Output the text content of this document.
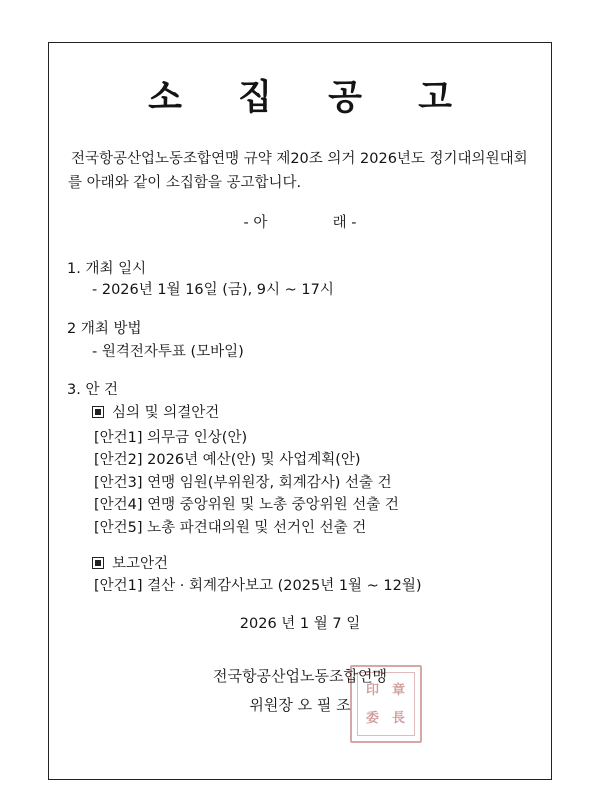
소 집 공 고
전국항공산업노동조합연맹 규약 제20조 의거 2026년도 정기대의원대회
를 아래와 같이 소집함을 공고합니다.
- 아	래 -
1. 개최 일시
- 2026년 1월 16일 (금), 9시 ~ 17시
2 개최 방법
- 원격전자투표 (모바일)
3. 안 건
심의 및 의결안건
[안건1] 의무금 인상(안)
[안건2] 2026년 예산(안) 및 사업계획(안)
[안건3] 연맹 임원(부위원장, 회계감사) 선출 건
[안건4] 연맹 중앙위원 및 노총 중앙위원 선출 건
[안건5] 노총 파견대의원 및 선거인 선출 건
보고안건
[안건1] 결산 · 회계감사보고 (2025년 1월 ~ 12월)
2026 년 1 월 7 일
印 章
委 長
전국항공산업노동조합연맹
위원장 오 필 조
